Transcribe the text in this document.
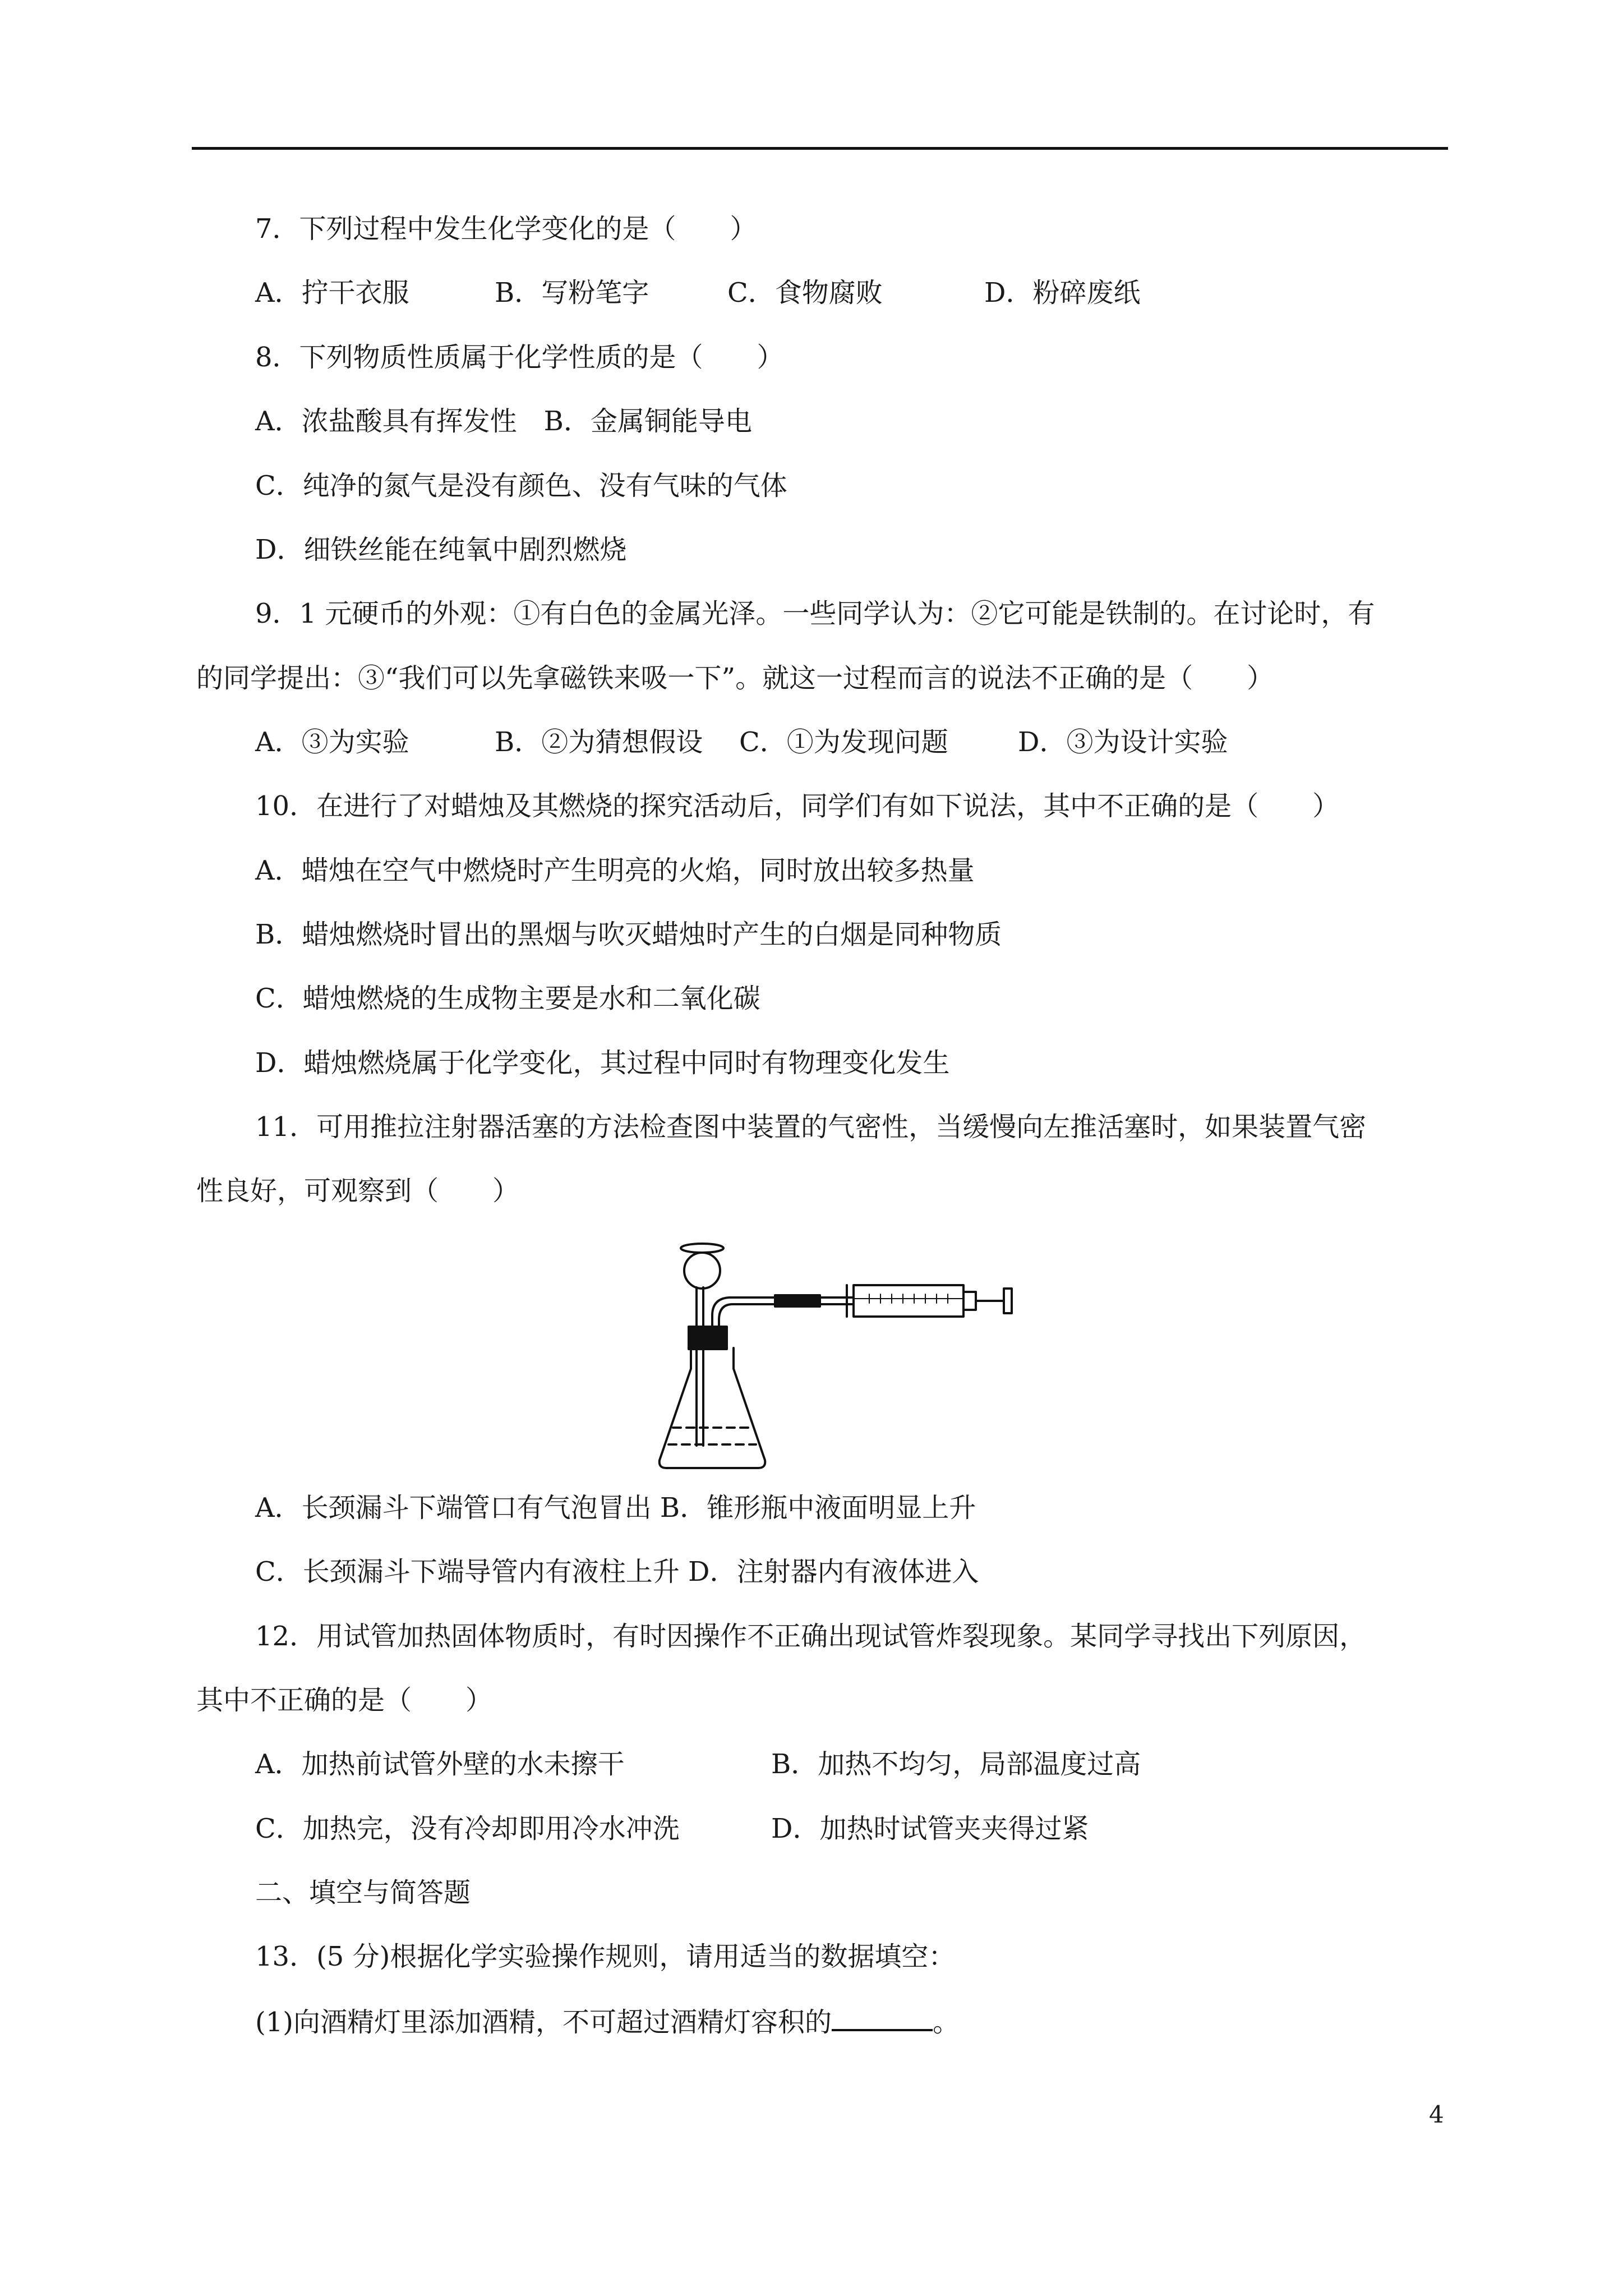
7．下列过程中发生化学变化的是（　　）
A．拧干衣服	B．写粉笔字	C．食物腐败	D．粉碎废纸
8．下列物质性质属于化学性质的是（　　）
A．浓盐酸具有挥发性　B．金属铜能导电
C．纯净的氮气是没有颜色、没有气味的气体
D．细铁丝能在纯氧中剧烈燃烧
9．1 元硬币的外观：①有白色的金属光泽。一些同学认为：②它可能是铁制的。在讨论时，有
的同学提出：③“我们可以先拿磁铁来吸一下”。就这一过程而言的说法不正确的是（　　）
A．③为实验	B．②为猜想假设 C．①为发现问题	D．③为设计实验
10．在进行了对蜡烛及其燃烧的探究活动后，同学们有如下说法，其中不正确的是（　　）
A．蜡烛在空气中燃烧时产生明亮的火焰，同时放出较多热量
B．蜡烛燃烧时冒出的黑烟与吹灭蜡烛时产生的白烟是同种物质
C．蜡烛燃烧的生成物主要是水和二氧化碳
D．蜡烛燃烧属于化学变化，其过程中同时有物理变化发生
11．可用推拉注射器活塞的方法检查图中装置的气密性，当缓慢向左推活塞时，如果装置气密
性良好，可观察到（　　）
A．长颈漏斗下端管口有气泡冒出 B．锥形瓶中液面明显上升
C．长颈漏斗下端导管内有液柱上升 D．注射器内有液体进入
12．用试管加热固体物质时，有时因操作不正确出现试管炸裂现象。某同学寻找出下列原因，
其中不正确的是（　　）
A．加热前试管外壁的水未擦干	B．加热不均匀，局部温度过高
C．加热完，没有冷却即用冷水冲洗	D．加热时试管夹夹得过紧
二、填空与简答题
13．(5 分)根据化学实验操作规则，请用适当的数据填空：
(1)向酒精灯里添加酒精，不可超过酒精灯容积的	。
4
